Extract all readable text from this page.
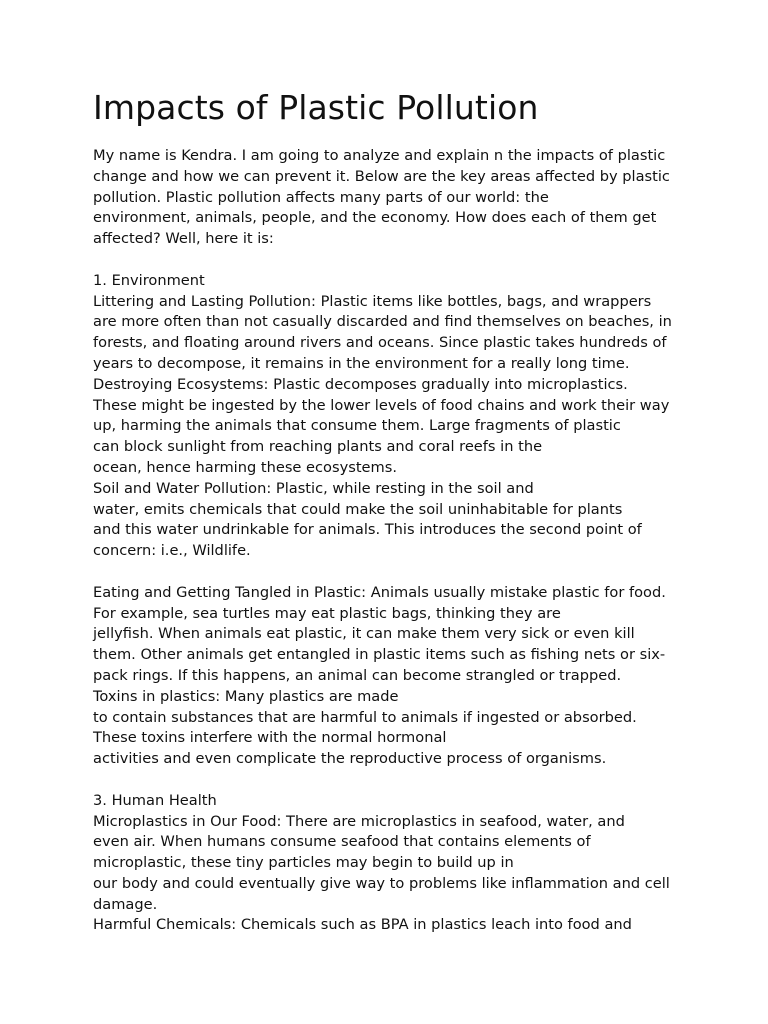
Impacts of Plastic Pollution
My name is Kendra. I am going to analyze and explain n the impacts of plastic
change and how we can prevent it. Below are the key areas affected by plastic
pollution. Plastic pollution affects many parts of our world: the
environment, animals, people, and the economy. How does each of them get
affected? Well, here it is:
1. Environment
Littering and Lasting Pollution: Plastic items like bottles, bags, and wrappers
are more often than not casually discarded and find themselves on beaches, in
forests, and floating around rivers and oceans. Since plastic takes hundreds of
years to decompose, it remains in the environment for a really long time.
Destroying Ecosystems: Plastic decomposes gradually into microplastics.
These might be ingested by the lower levels of food chains and work their way
up, harming the animals that consume them. Large fragments of plastic
can block sunlight from reaching plants and coral reefs in the
ocean, hence harming these ecosystems.
Soil and Water Pollution: Plastic, while resting in the soil and
water, emits chemicals that could make the soil uninhabitable for plants
and this water undrinkable for animals. This introduces the second point of
concern: i.e., Wildlife.
Eating and Getting Tangled in Plastic: Animals usually mistake plastic for food.
For example, sea turtles may eat plastic bags, thinking they are
jellyfish. When animals eat plastic, it can make them very sick or even kill
them. Other animals get entangled in plastic items such as fishing nets or six-
pack rings. If this happens, an animal can become strangled or trapped.
Toxins in plastics: Many plastics are made
to contain substances that are harmful to animals if ingested or absorbed.
These toxins interfere with the normal hormonal
activities and even complicate the reproductive process of organisms.
3. Human Health
Microplastics in Our Food: There are microplastics in seafood, water, and
even air. When humans consume seafood that contains elements of
microplastic, these tiny particles may begin to build up in
our body and could eventually give way to problems like inflammation and cell
damage.
Harmful Chemicals: Chemicals such as BPA in plastics leach into food and
